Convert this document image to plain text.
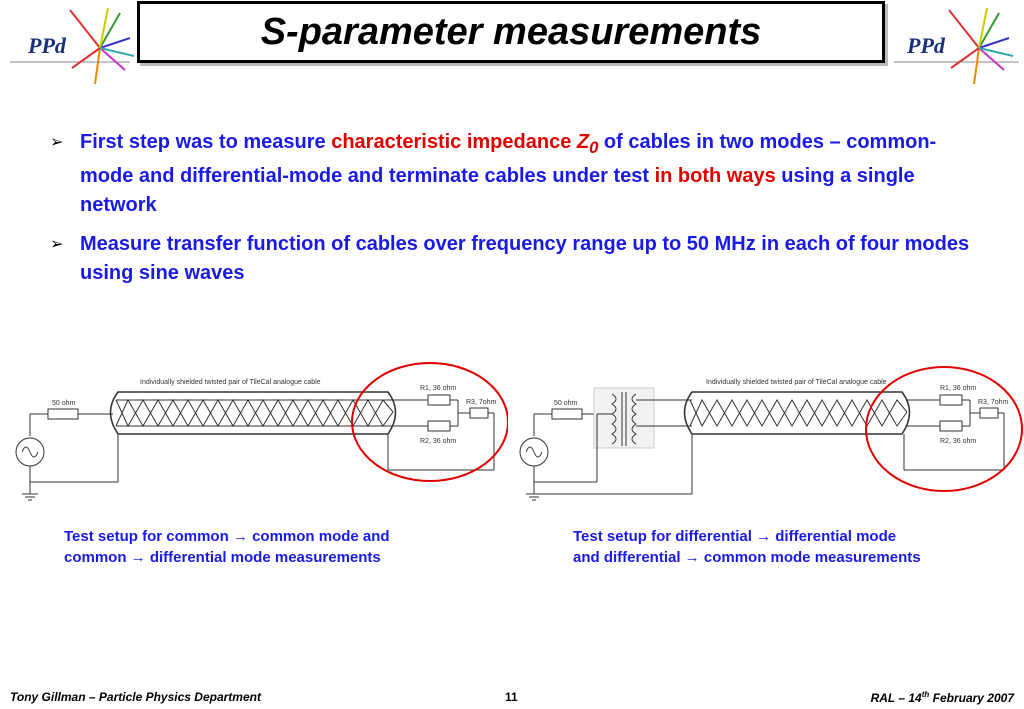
PPd	PPd
S-parameter measurements
➢ First step was to measure characteristic impedance $Z_0$ of cables in two modes – common-mode and differential-mode and terminate cables under test in both ways using a single network
➢ Measure transfer function of cables over frequency range up to 50 MHz in each of four modes using sine waves
50 ohm
Individually shielded twisted pair of TileCal analogue cable
R1, 36 ohm
R2, 36 ohm
R3, 7ohm	50 ohm
Individually shielded twisted pair of TileCal analogue cable
R1, 36 ohm
R2, 36 ohm
R3, 7ohm
Test setup for common → common mode and
common → differential mode measurements
Test setup for differential → differential mode
and differential → common mode measurements
Tony Gillman – Particle Physics Department	11	RAL – 14th February 2007
